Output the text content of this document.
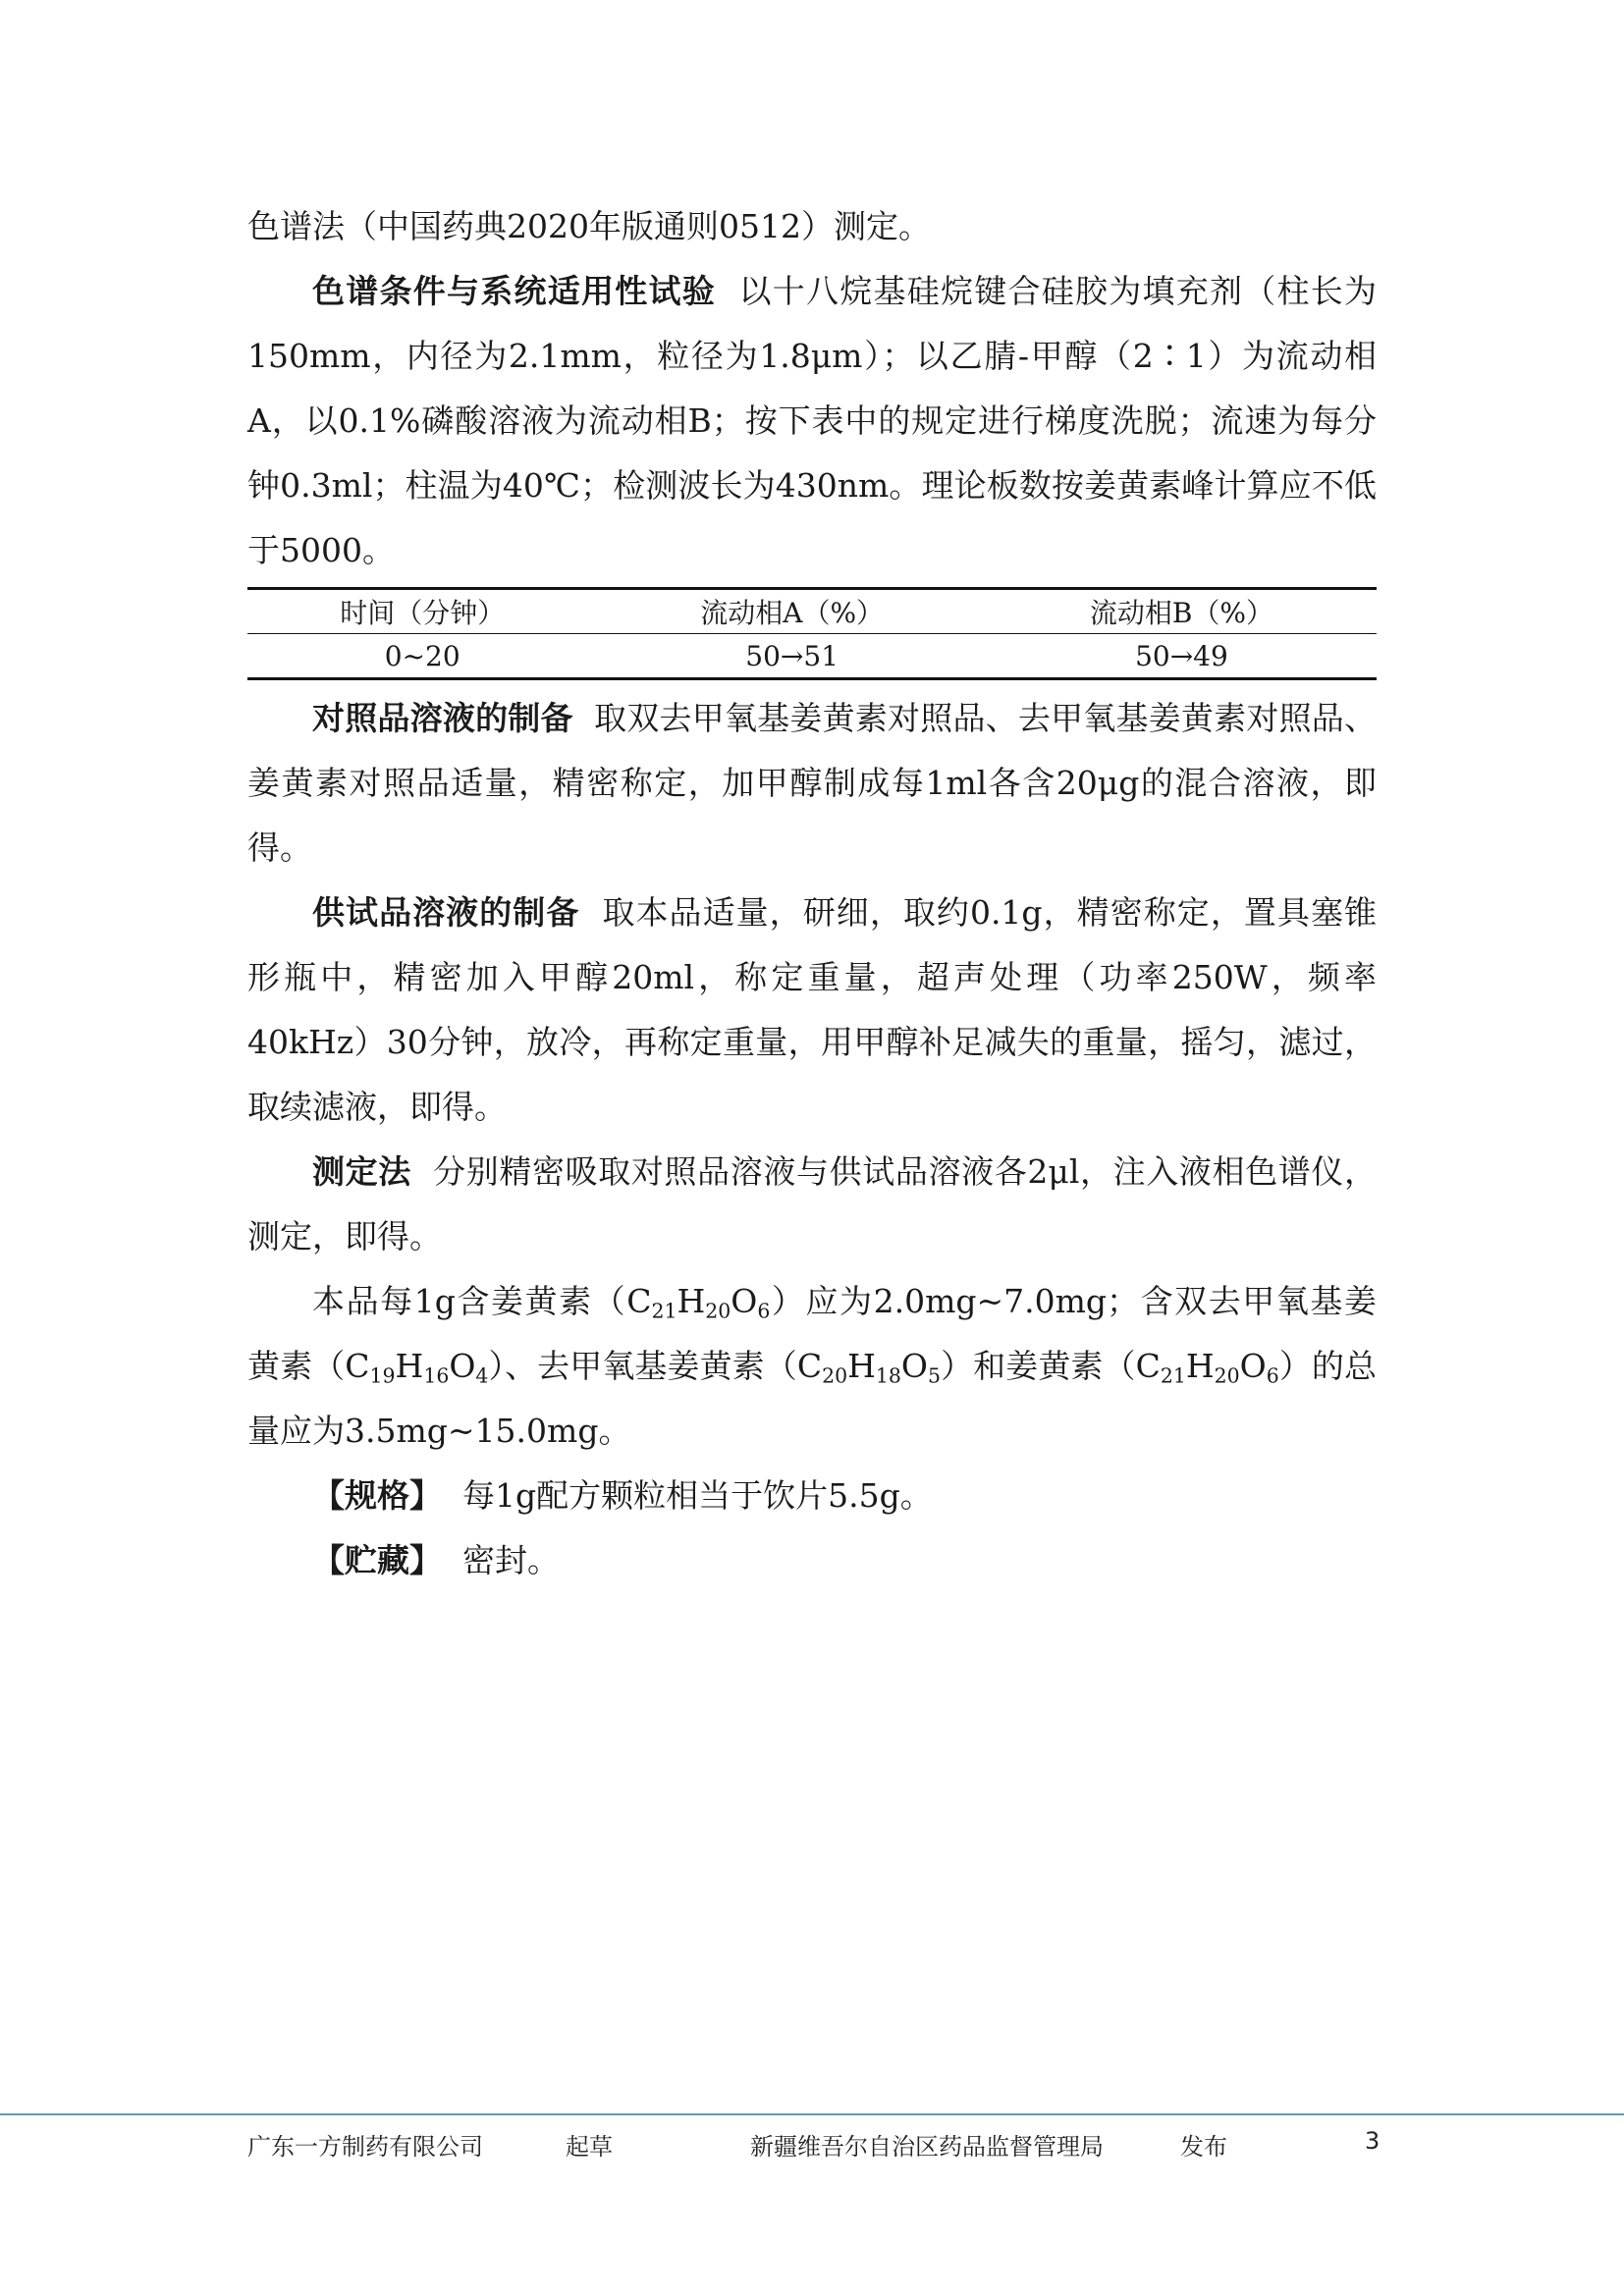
色谱法（中国药典2020年版通则0512）测定。

色谱条件与系统适用性试验 以十八烷基硅烷键合硅胶为填充剂（柱长为150mm，内径为2.1mm，粒径为1.8μm）；以乙腈-甲醇（2∶1）为流动相A，以0.1%磷酸溶液为流动相B；按下表中的规定进行梯度洗脱；流速为每分钟0.3ml；柱温为40℃；检测波长为430nm。理论板数按姜黄素峰计算应不低于5000。

时间（分钟）	流动相A（%）	流动相B（%）
0~20	50→51	50→49

对照品溶液的制备 取双去甲氧基姜黄素对照品、去甲氧基姜黄素对照品、姜黄素对照品适量，精密称定，加甲醇制成每1ml各含20μg的混合溶液，即得。

供试品溶液的制备 取本品适量，研细，取约0.1g，精密称定，置具塞锥形瓶中，精密加入甲醇20ml，称定重量，超声处理（功率250W，频率40kHz）30分钟，放冷，再称定重量，用甲醇补足减失的重量，摇匀，滤过，取续滤液，即得。

测定法 分别精密吸取对照品溶液与供试品溶液各2μl，注入液相色谱仪，测定，即得。

本品每1g含姜黄素$(C_{21}H_{20}O_6)$应为2.0mg~7.0mg；含双去甲氧基姜黄素$(C_{19}H_{16}O_4)$、去甲氧基姜黄素$(C_{20}H_{18}O_5)$和姜黄素$(C_{21}H_{20}O_6)$的总量应为3.5mg~15.0mg。

【规格】 每1g配方颗粒相当于饮片5.5g。

【贮藏】 密封。

广东一方制药有限公司	起草	新疆维吾尔自治区药品监督管理局	发布	3
